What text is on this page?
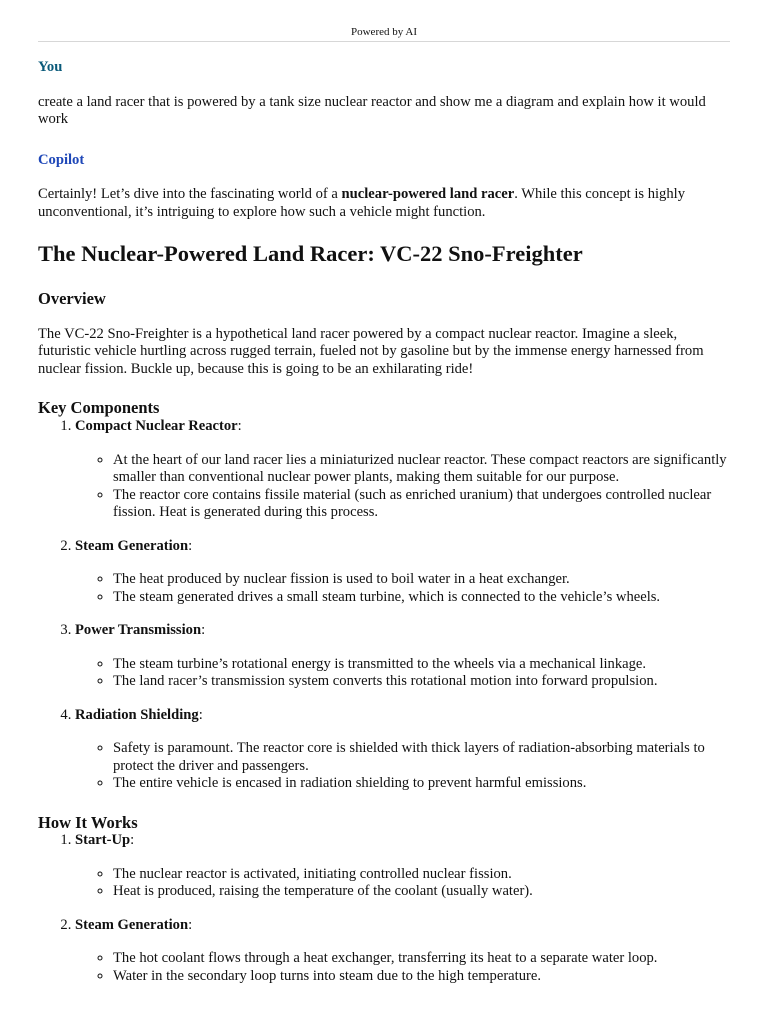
Powered by AI

You

create a land racer that is powered by a tank size nuclear reactor and show me a diagram and explain how it would work

Copilot

Certainly! Let’s dive into the fascinating world of a nuclear-powered land racer. While this concept is highly unconventional, it’s intriguing to explore how such a vehicle might function.

The Nuclear-Powered Land Racer: VC-22 Sno-Freighter
Overview

The VC-22 Sno-Freighter is a hypothetical land racer powered by a compact nuclear reactor. Imagine a sleek, futuristic vehicle hurtling across rugged terrain, fueled not by gasoline but by the immense energy harnessed from nuclear fission. Buckle up, because this is going to be an exhilarating ride!

Key Components
1. Compact Nuclear Reactor:
◦ At the heart of our land racer lies a miniaturized nuclear reactor. These compact reactors are significantly smaller than conventional nuclear power plants, making them suitable for our purpose.
◦ The reactor core contains fissile material (such as enriched uranium) that undergoes controlled nuclear fission. Heat is generated during this process.
2. Steam Generation:
◦ The heat produced by nuclear fission is used to boil water in a heat exchanger.
◦ The steam generated drives a small steam turbine, which is connected to the vehicle’s wheels.
3. Power Transmission:
◦ The steam turbine’s rotational energy is transmitted to the wheels via a mechanical linkage.
◦ The land racer’s transmission system converts this rotational motion into forward propulsion.
4. Radiation Shielding:
◦ Safety is paramount. The reactor core is shielded with thick layers of radiation-absorbing materials to protect the driver and passengers.
◦ The entire vehicle is encased in radiation shielding to prevent harmful emissions.
How It Works
1. Start-Up:
◦ The nuclear reactor is activated, initiating controlled nuclear fission.
◦ Heat is produced, raising the temperature of the coolant (usually water).
2. Steam Generation:
◦ The hot coolant flows through a heat exchanger, transferring its heat to a separate water loop.
◦ Water in the secondary loop turns into steam due to the high temperature.
